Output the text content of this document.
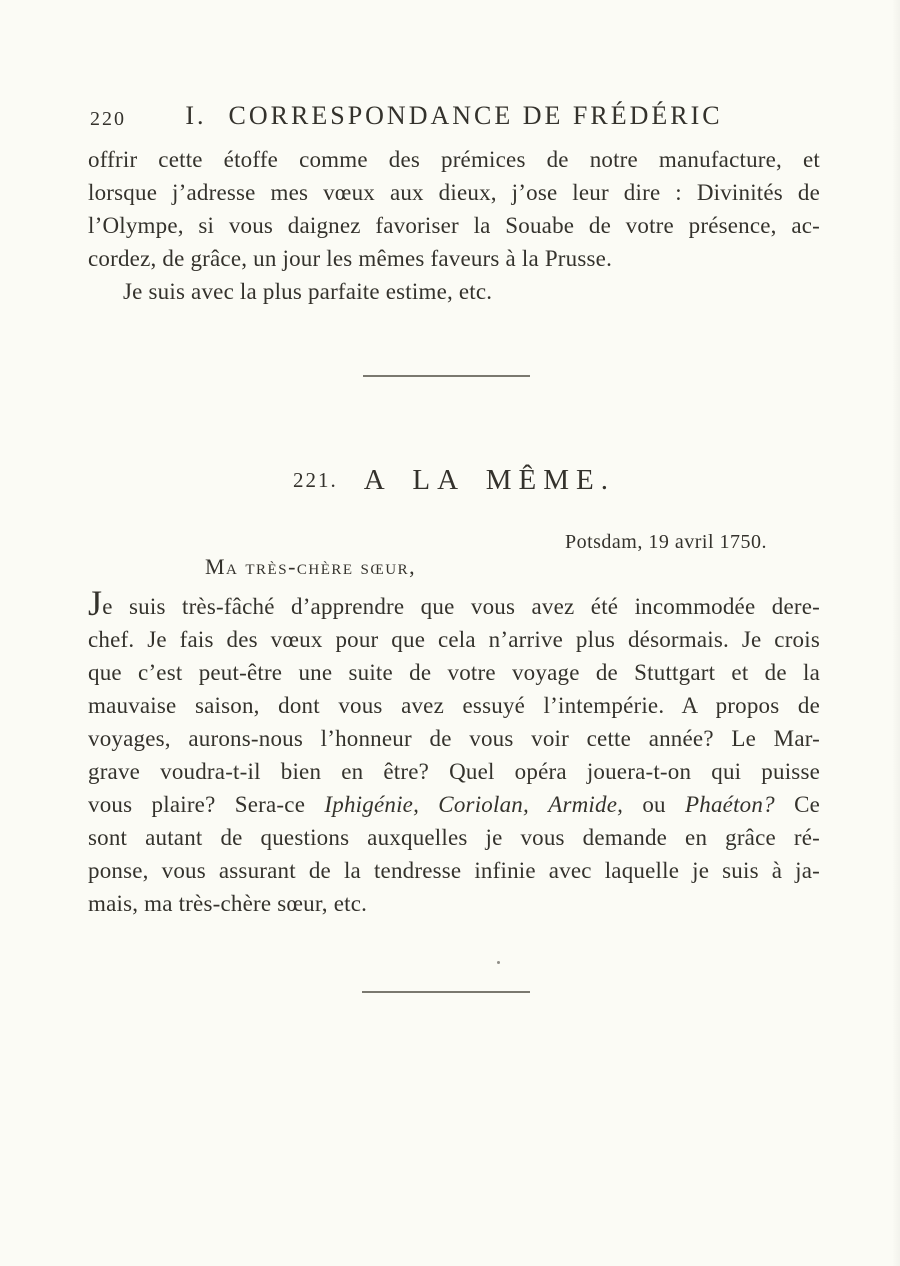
220 I. CORRESPONDANCE DE FRÉDÉRIC
offrir cette étoffe comme des prémices de notre manufacture, et
lorsque j’adresse mes vœux aux dieux, j’ose leur dire : Divinités de
l’Olympe, si vous daignez favoriser la Souabe de votre présence, ac-
cordez, de grâce, un jour les mêmes faveurs à la Prusse.
Je suis avec la plus parfaite estime, etc.
221. A LA MÊME.
Potsdam, 19 avril 1750.
Ma très-chère sœur,
Je suis très-fâché d’apprendre que vous avez été incommodée dere-
chef. Je fais des vœux pour que cela n’arrive plus désormais. Je crois
que c’est peut-être une suite de votre voyage de Stuttgart et de la
mauvaise saison, dont vous avez essuyé l’intempérie. A propos de
voyages, aurons-nous l’honneur de vous voir cette année? Le Mar-
grave voudra-t-il bien en être? Quel opéra jouera-t-on qui puisse
vous plaire? Sera-ce Iphigénie, Coriolan, Armide, ou Phaéton? Ce
sont autant de questions auxquelles je vous demande en grâce ré-
ponse, vous assurant de la tendresse infinie avec laquelle je suis à ja-
mais, ma très-chère sœur, etc.
